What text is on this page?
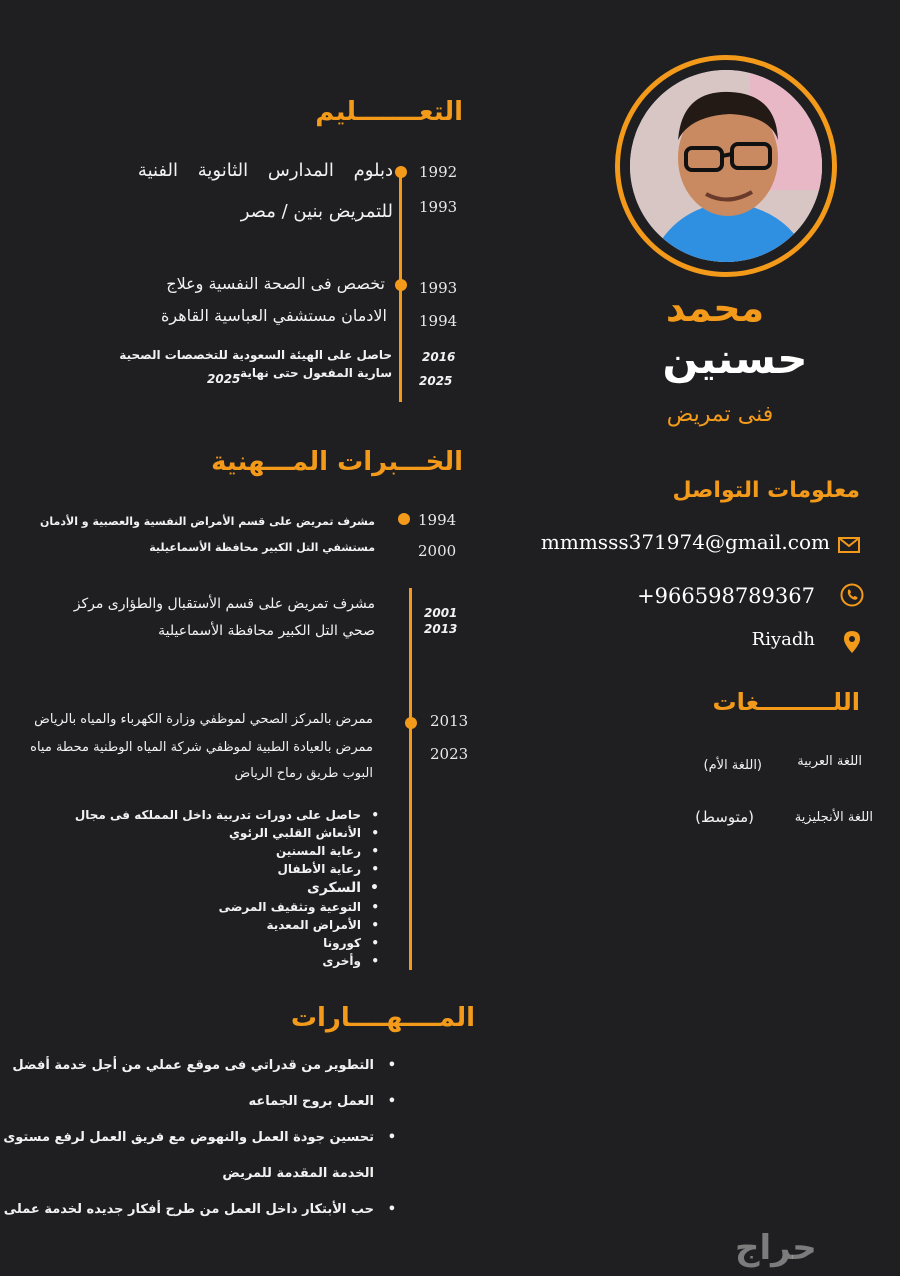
محمد
حسنين
فنى تمريض
معلومات التواصل
mmmsss371974@gmail.com
+966598789367
Riyadh
اللـــــــــغات
اللغة العربية
(اللغة الأم)
اللغة الأنجليزية
(متوسط)
التعـــــــليم
1992
1993
دبلوم المدارس الثانوية الفنية
للتمريض بنين / مصر
1993
1994
تخصص فى الصحة النفسية وعلاج
الادمان مستشفي العباسية القاهرة
2016
2025
حاصل على الهيئة السعودية للتخصصات الصحية
سارية المفعول حتى نهاية
2025
الخـــبرات المـــهنية
1994
2000
مشرف تمريض على قسم الأمراض النفسية والعصبية و الأدمان
مستشفي التل الكبير محافظة الأسماعيلية
2001
2013
مشرف تمريض على قسم الأستقبال والطؤارى مركز
صحي التل الكبير محافظة الأسماعيلية
2013
2023
ممرض بالمركز الصحي لموظفي وزارة الكهرباء والمياه بالرياض
ممرض بالعيادة الطبية لموظفي شركة المياه الوطنية محطة مياه
البوب طريق رماح الرياض
• حاصل على دورات تدربية داخل المملكه فى مجال
• الأنعاش القلبي الرئوي
• رعاية المسنين
• رعاية الأطفال
• السكرى
• التوعية وتثقيف المرضى
• الأمراض المعدية
• كورونا
• وأخرى
المــــهــــارات
• التطوير من قدراتي فى موقع عملي من أجل خدمة أفضل
• العمل بروح الجماعه
• تحسين جودة العمل والنهوض مع فريق العمل لرفع مستوى
الخدمة المقدمة للمريض
• حب الأبتكار داخل العمل من طرح أفكار جديده لخدمة عملى
حراج
